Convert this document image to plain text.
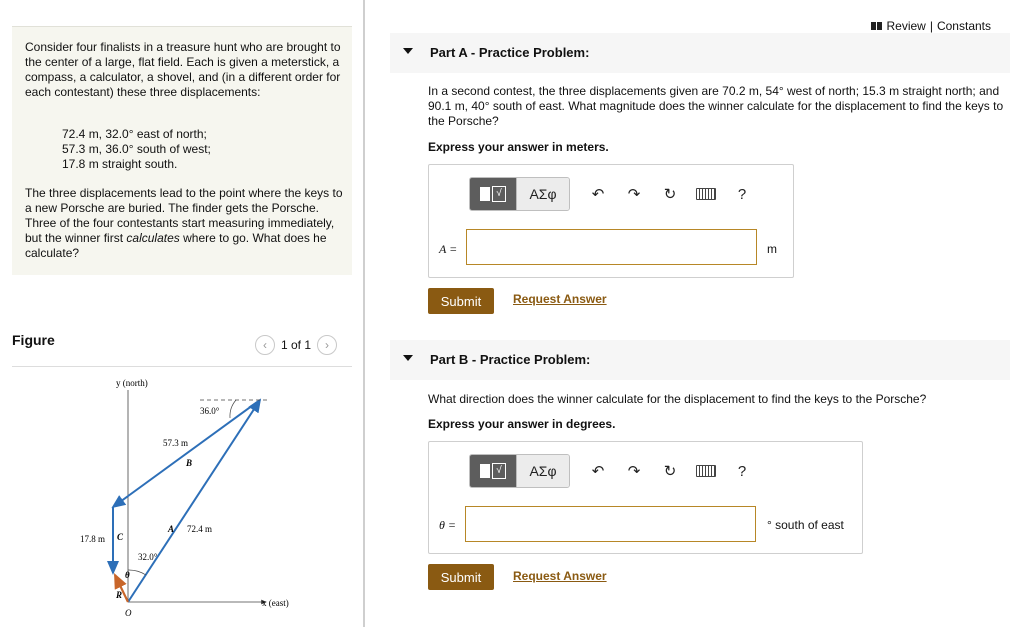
Consider four finalists in a treasure hunt who are brought to the center of a large, flat field. Each is given a meterstick, a compass, a calculator, a shovel, and (in a different order for each contestant) these three displacements:

72.4 m, 32.0° east of north;
57.3 m, 36.0° south of west;
17.8 m straight south.

The three displacements lead to the point where the keys to a new Porsche are buried. The finder gets the Porsche. Three of the four contestants start measuring immediately, but the winner first calculates where to go. What does he calculate?

Figure	‹	1 of 1	›
y (north)
x (east)
O
36.0°
57.3 m
B
A 72.4 m
17.8 m C
32.0°
θ
R
Review | Constants
Part A - Practice Problem:
In a second contest, the three displacements given are 70.2 m, 54° west of north; 15.3 m straight north; and 90.1 m, 40° south of east. What magnitude does the winner calculate for the displacement to find the keys to the Porsche?
Express your answer in meters.
√	ΑΣφ	↶	↷	↻	?
A =	m
Submit	Request Answer
Part B - Practice Problem:
What direction does the winner calculate for the displacement to find the keys to the Porsche?
Express your answer in degrees.
√	ΑΣφ	↶	↷	↻	?
θ =	° south of east
Submit	Request Answer
